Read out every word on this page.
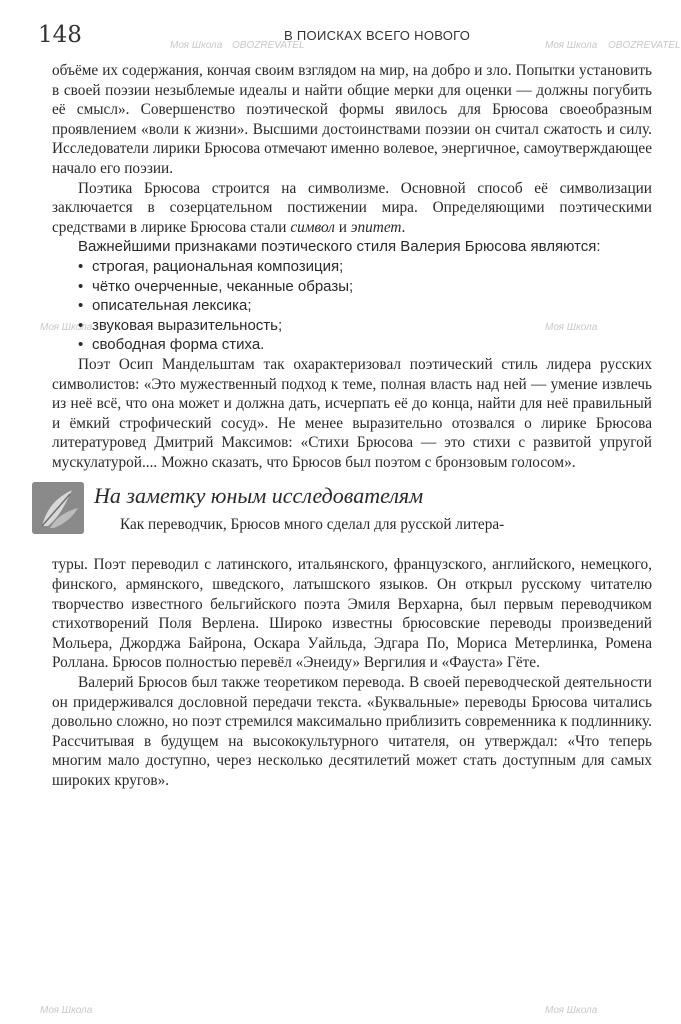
148	В ПОИСКАХ ВСЕГО НОВОГО
Моя Школа OBOZREVATEL	Моя Школа OBOZREVATEL
Моя Школа	Моя Школа
Моя Школа	Моя Школа

объёме их содержания, кончая своим взглядом на мир, на добро и зло. Попытки установить в своей поэзии незыблемые идеалы и найти общие мерки для оценки — должны погубить её смысл». Совершенство поэтической формы явилось для Брюсова своеобразным проявлением «воли к жизни». Высшими достоинствами поэзии он считал сжатость и силу. Исследователи лирики Брюсова отмечают именно волевое, энергичное, самоутверждающее начало его поэзии.

Поэтика Брюсова строится на символизме. Основной способ её символизации заключается в созерцательном постижении мира. Определяющими поэтическими средствами в лирике Брюсова стали символ и эпитет.

Важнейшими признаками поэтического стиля Валерия Брюсова являются:

• строгая, рациональная композиция;
• чётко очерченные, чеканные образы;
• описательная лексика;
• звуковая выразительность;
• свободная форма стиха.

Поэт Осип Мандельштам так охарактеризовал поэтический стиль лидера русских символистов: «Это мужественный подход к теме, полная власть над ней — умение извлечь из неё всё, что она может и должна дать, исчерпать её до конца, найти для неё правильный и ёмкий строфический сосуд». Не менее выразительно отозвался о лирике Брюсова литературовед Дмитрий Максимов: «Стихи Брюсова — это стихи с развитой упругой мускулатурой.... Можно сказать, что Брюсов был поэтом с бронзовым голосом».

На заметку юным исследователям

Как переводчик, Брюсов много сделал для русской литера-

туры. Поэт переводил с латинского, итальянского, французского, английского, немецкого, финского, армянского, шведского, латышского языков. Он открыл русскому читателю творчество известного бельгийского поэта Эмиля Верхарна, был первым переводчиком стихотворений Поля Верлена. Широко известны брюсовские переводы произведений Мольера, Джорджа Байрона, Оскара Уайльда, Эдгара По, Мориса Метерлинка, Ромена Роллана. Брюсов полностью перевёл «Энеиду» Вергилия и «Фауста» Гёте.

Валерий Брюсов был также теоретиком перевода. В своей переводческой деятельности он придерживался дословной передачи текста. «Буквальные» переводы Брюсова читались довольно сложно, но поэт стремился максимально приблизить современника к подлиннику. Рассчитывая в будущем на высококультурного читателя, он утверждал: «Что теперь многим мало доступно, через несколько десятилетий может стать доступным для самых широких кругов».
